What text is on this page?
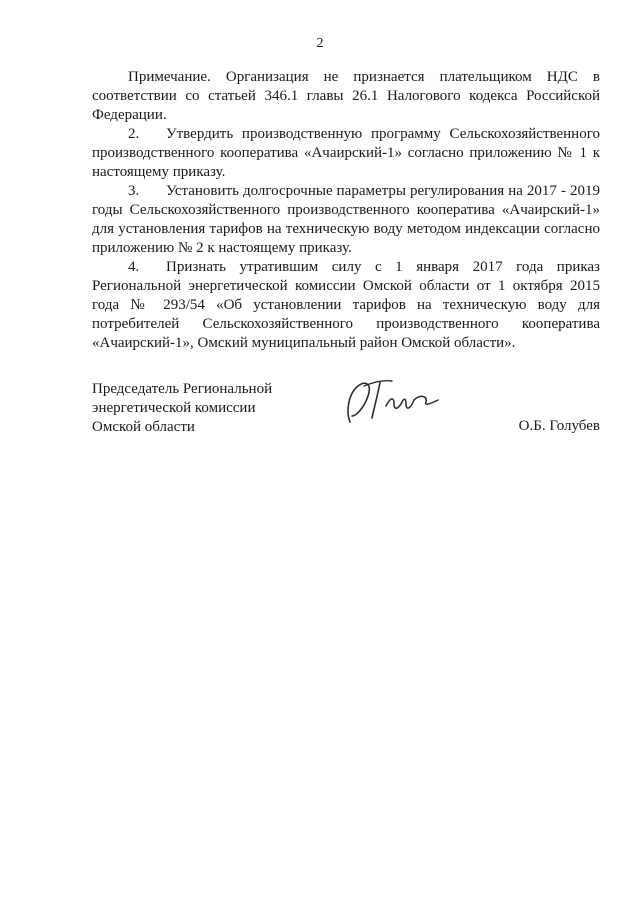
2

Примечание. Организация не признается плательщиком НДС в соответствии со статьей 346.1 главы 26.1 Налогового кодекса Российской Федерации.

2. Утвердить производственную программу Сельскохозяйственного производственного кооператива «Ачаирский-1» согласно приложению № 1 к настоящему приказу.

3. Установить долгосрочные параметры регулирования на 2017 - 2019 годы Сельскохозяйственного производственного кооператива «Ачаирский-1» для установления тарифов на техническую воду методом индексации согласно приложению № 2 к настоящему приказу.

4. Признать утратившим силу с 1 января 2017 года приказ Региональной энергетической комиссии Омской области от 1 октября 2015 года № 293/54 «Об установлении тарифов на техническую воду для потребителей Сельскохозяйственного производственного кооператива «Ачаирский-1», Омский муниципальный район Омской области».

Председатель Региональной
энергетической комиссии
Омской области	О.Б. Голубев
